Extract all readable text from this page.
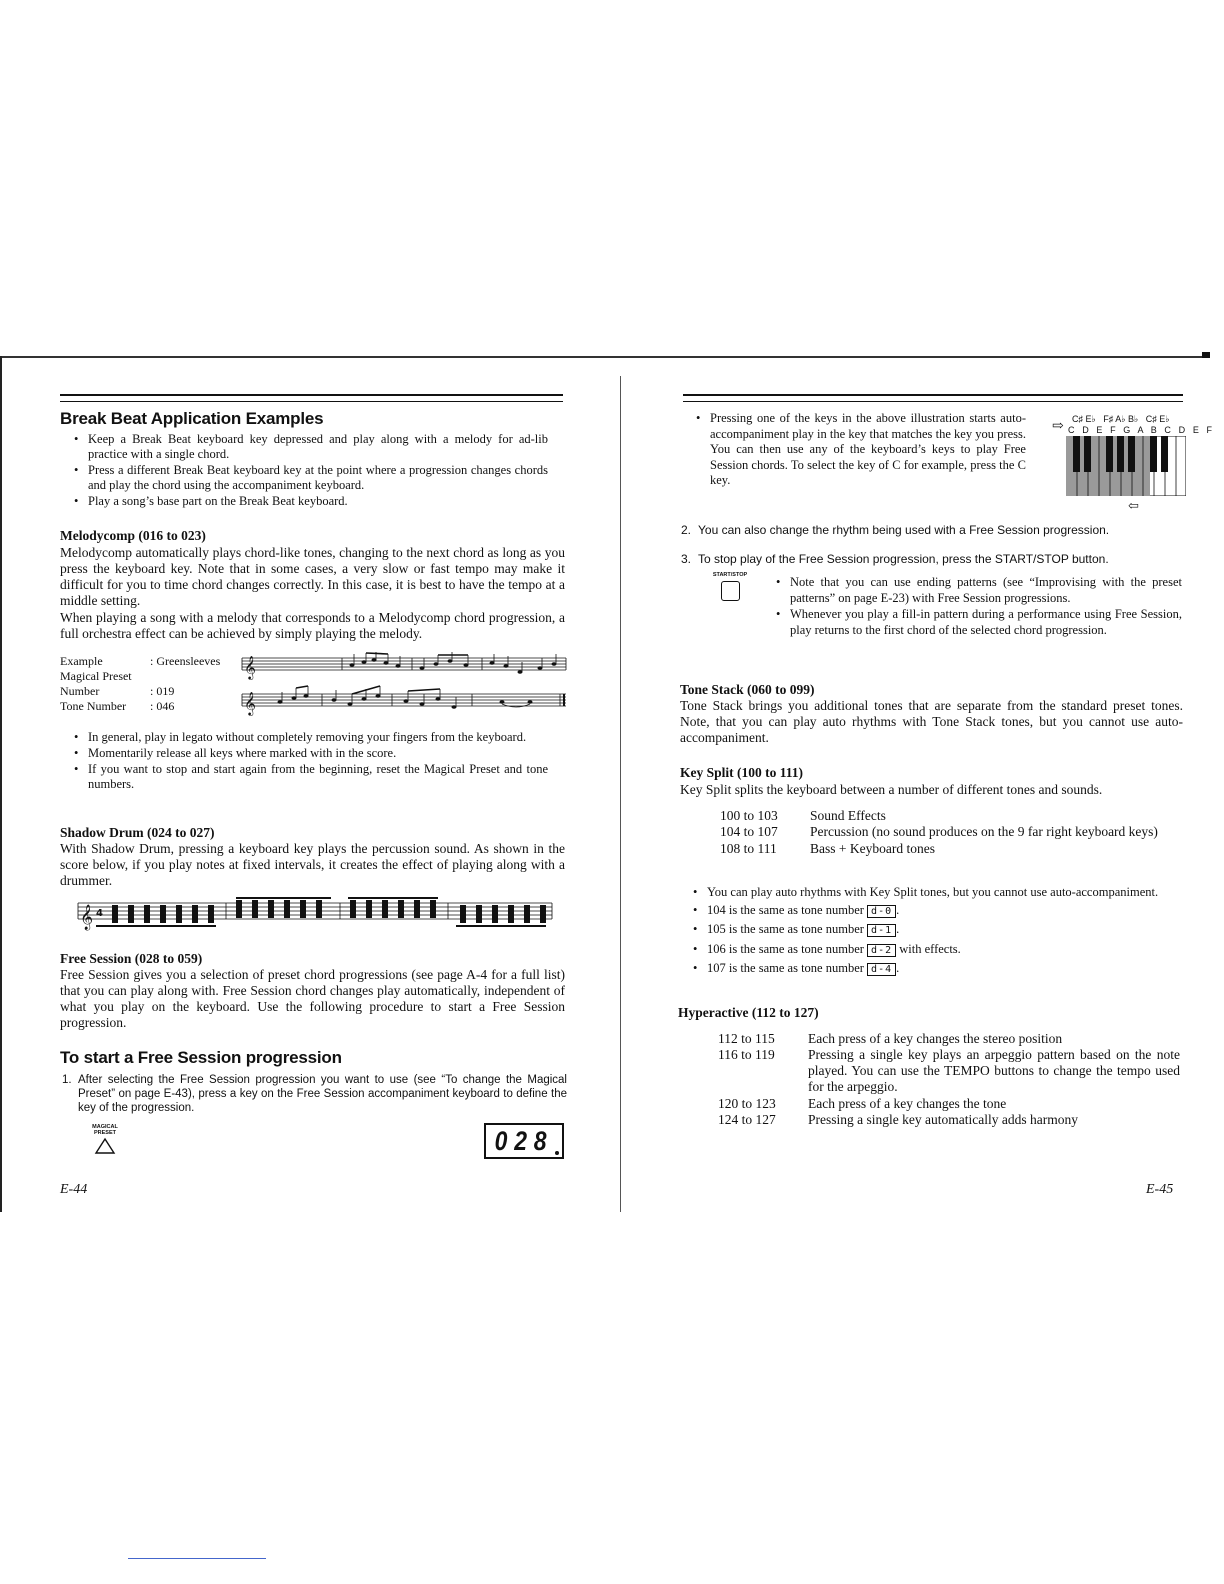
Break Beat Application Examples
• Keep a Break Beat keyboard key depressed and play along with a melody for ad-lib practice with a single chord.
• Press a different Break Beat keyboard key at the point where a progression changes chords and play the chord using the accompaniment keyboard.
• Play a song’s base part on the Break Beat keyboard.
Melodycomp (016 to 023)

Melodycomp automatically plays chord-like tones, changing to the next chord as long as you press the keyboard key. Note that in some cases, a very slow or fast tempo may make it difficult for you to time chord changes correctly. In this case, it is best to have the tempo at a middle setting.

When playing a song with a melody that corresponds to a Melodycomp chord progression, a full orchestra effect can be achieved by simply playing the melody.

Example	: Greensleeves
Magical Preset	
Number	: 019
Tone Number	: 046
𝄞
𝄞
• In general, play in legato without completely removing your fingers from the keyboard.
• Momentarily release all keys where marked with in the score.
• If you want to stop and start again from the beginning, reset the Magical Preset and tone numbers.
Shadow Drum (024 to 027)

With Shadow Drum, pressing a keyboard key plays the percussion sound. As shown in the score below, if you play notes at fixed intervals, it creates the effect of playing along with a drummer.

𝄞 4
Free Session (028 to 059)

Free Session gives you a selection of preset chord progressions (see page A-4 for a full list) that you can play along with. Free Session chord changes play automatically, independent of what you play on the keyboard. Use the following procedure to start a Free Session progression.

To start a Free Session progression
1. After selecting the Free Session progression you want to use (see “To change the Magical Preset” on page E-43), press a key on the Free Session accompaniment keyboard to define the key of the progression.
MAGICAL PRESET	028
E-44
• Pressing one of the keys in the above illustration starts auto-accompaniment play in the key that matches the key you press. You can then use any of the keyboard’s keys to play Free Session chords. To select the key of C for example, press the C key.
C♯ E♭   F♯ A♭ B♭   C♯ E♭
⇨ C D E F G A B C D E F
⇦
2. You can also change the rhythm being used with a Free Session progression.
3. To stop play of the Free Session progression, press the START/STOP button.
START/STOP	• Note that you can use ending patterns (see “Improvising with the preset patterns” on page E-23) with Free Session progressions.
• Whenever you play a fill-in pattern during a performance using Free Session, play returns to the first chord of the selected chord progression.
Tone Stack (060 to 099)

Tone Stack brings you additional tones that are separate from the standard preset tones. Note, that you can play auto rhythms with Tone Stack tones, but you cannot use auto-accompaniment.

Key Split (100 to 111)

Key Split splits the keyboard between a number of different tones and sounds.

100 to 103	Sound Effects
104 to 107	Percussion (no sound produces on the 9 far right keyboard keys)
108 to 111	Bass + Keyboard tones
• You can play auto rhythms with Key Split tones, but you cannot use auto-accompaniment.
• 104 is the same as tone number d-0 .
• 105 is the same as tone number d-1 .
• 106 is the same as tone number d-2 with effects.
• 107 is the same as tone number d-4 .
Hyperactive (112 to 127)
112 to 115	Each press of a key changes the stereo position
116 to 119	Pressing a single key plays an arpeggio pattern based on the note played. You can use the TEMPO buttons to change the tempo used for the arpeggio.
120 to 123	Each press of a key changes the tone
124 to 127	Pressing a single key automatically adds harmony
E-45
